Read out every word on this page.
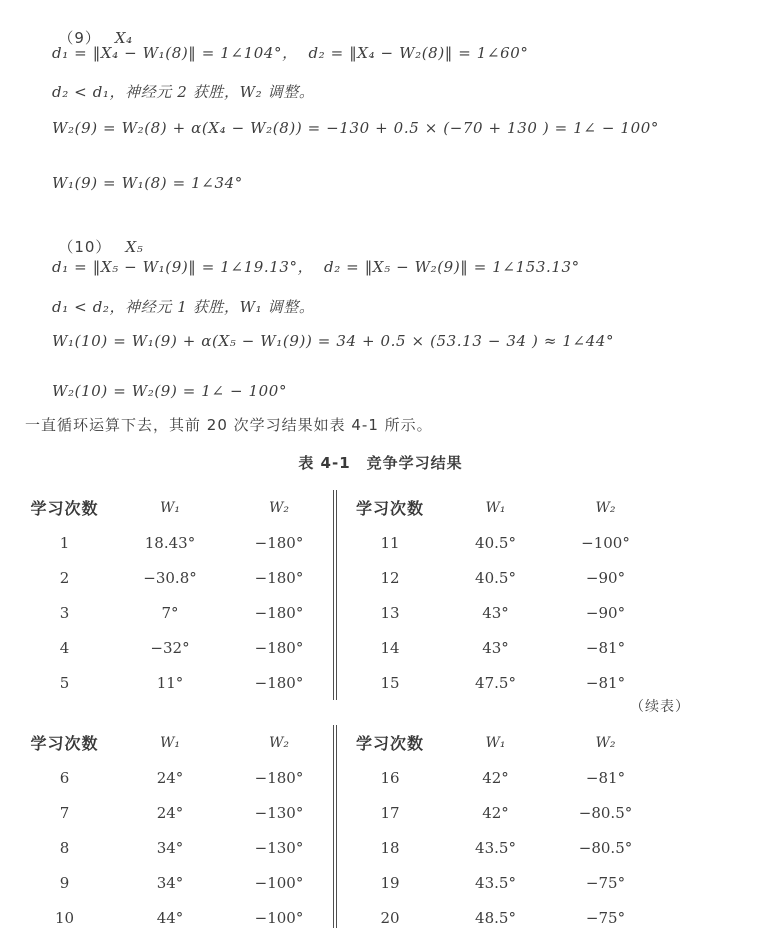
（9） X₄

d₁ = ‖X₄ − W₁(8)‖ = 1∠104°，  d₂ = ‖X₄ − W₂(8)‖ = 1∠60°
d₂ < d₁，神经元 2 获胜，W₂ 调整。
W₂(9) = W₂(8) + α(X₄ − W₂(8)) = −130 + 0.5 × (−70 + 130 ) = 1∠ − 100°
W₁(9) = W₁(8) = 1∠34°

（10） X₅

d₁ = ‖X₅ − W₁(9)‖ = 1∠19.13°，  d₂ = ‖X₅ − W₂(9)‖ = 1∠153.13°
d₁ < d₂，神经元 1 获胜，W₁ 调整。
W₁(10) = W₁(9) + α(X₅ − W₁(9)) = 34 + 0.5 × (53.13 − 34 ) ≈ 1∠44°
W₂(10) = W₂(9) = 1∠ − 100°
一直循环运算下去，其前 20 次学习结果如表 4-1 所示。
表 4-1　竞争学习结果
学习次数	W₁	W₂
1	18.43°	−180°
2	−30.8°	−180°
3	7°	−180°
4	−32°	−180°
5	11°	−180°
学习次数	W₁	W₂
11	40.5°	−100°
12	40.5°	−90°
13	43°	−90°
14	43°	−81°
15	47.5°	−81°
（续表）
学习次数	W₁	W₂
6	24°	−180°
7	24°	−130°
8	34°	−130°
9	34°	−100°
10	44°	−100°
学习次数	W₁	W₂
16	42°	−81°
17	42°	−80.5°
18	43.5°	−80.5°
19	43.5°	−75°
20	48.5°	−75°
